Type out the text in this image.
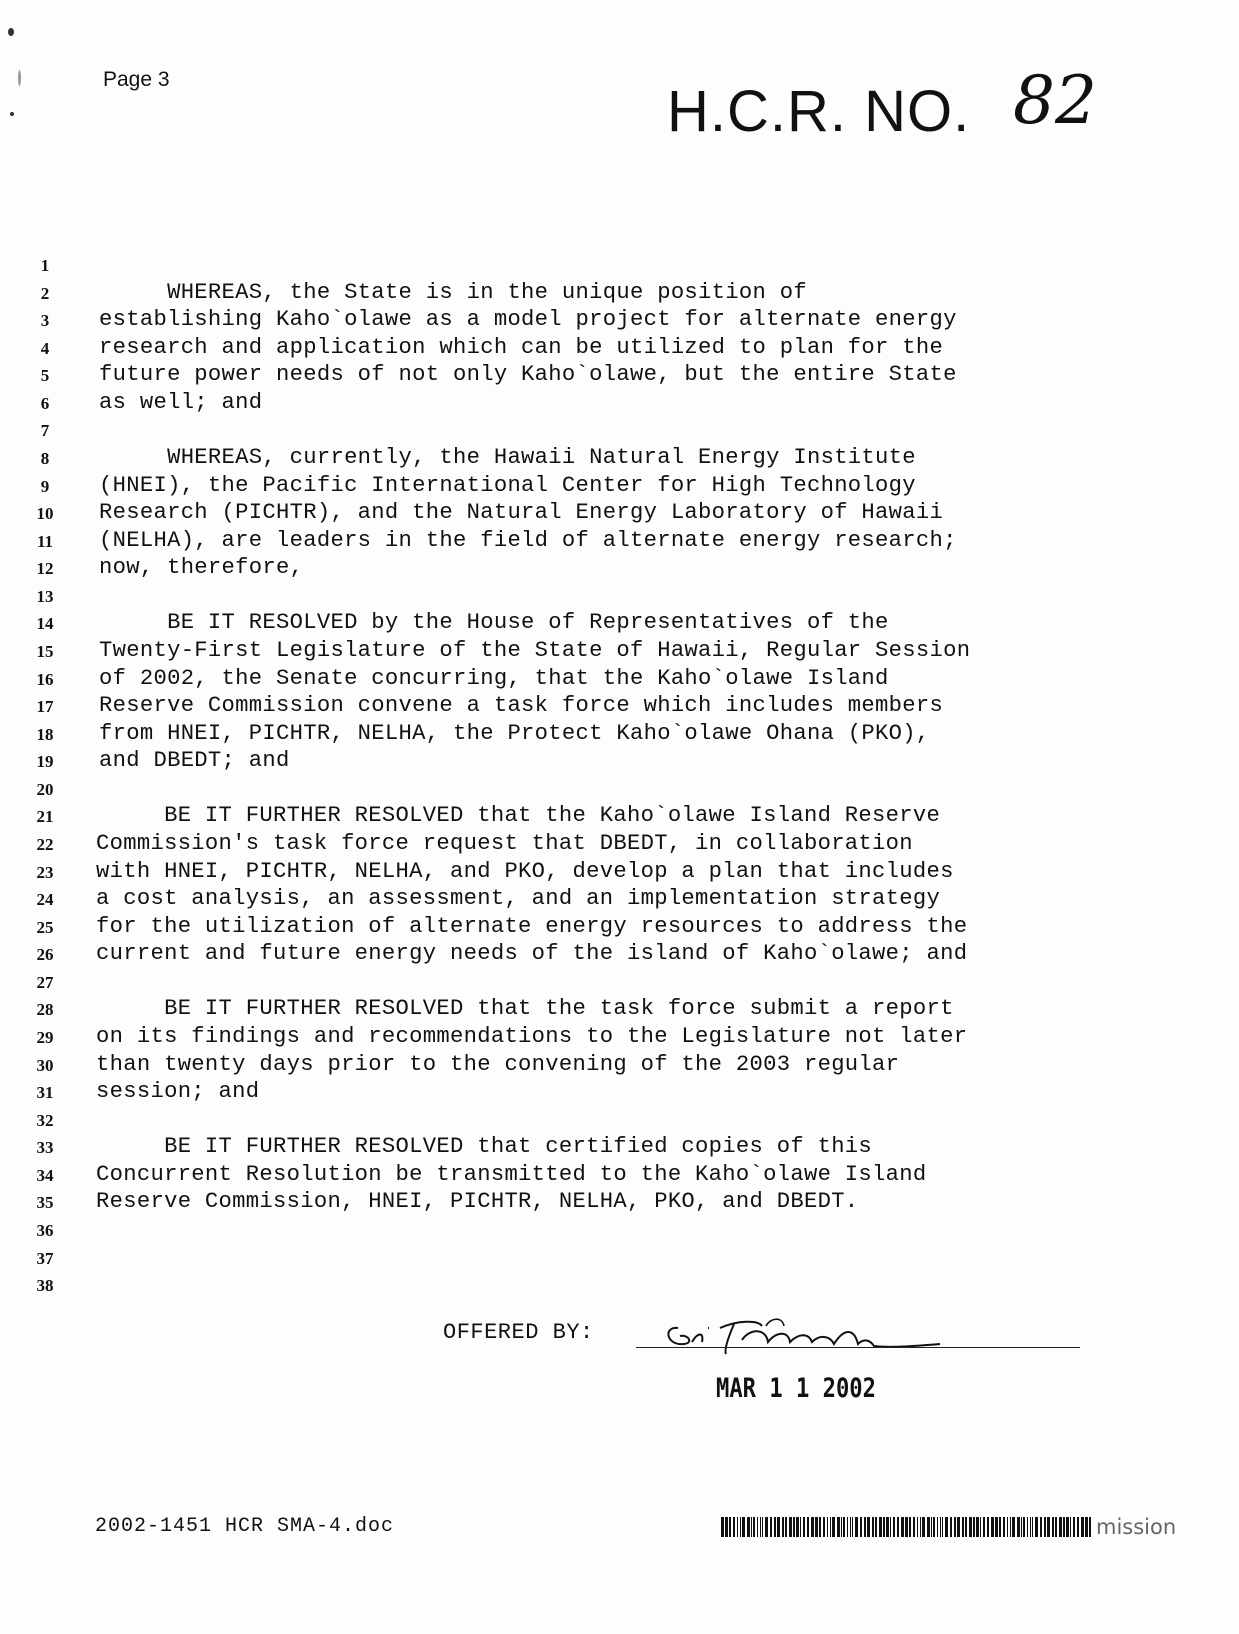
Page 3	H.C.R. NO. 82
1
2	WHEREAS, the State is in the unique position of
3	establishing Kaho`olawe as a model project for alternate energy
4	research and application which can be utilized to plan for the
5	future power needs of not only Kaho`olawe, but the entire State
6	as well; and
7
8	WHEREAS, currently, the Hawaii Natural Energy Institute
9	(HNEI), the Pacific International Center for High Technology
10	Research (PICHTR), and the Natural Energy Laboratory of Hawaii
11	(NELHA), are leaders in the field of alternate energy research;
12	now, therefore,
13
14	BE IT RESOLVED by the House of Representatives of the
15	Twenty-First Legislature of the State of Hawaii, Regular Session
16	of 2002, the Senate concurring, that the Kaho`olawe Island
17	Reserve Commission convene a task force which includes members
18	from HNEI, PICHTR, NELHA, the Protect Kaho`olawe Ohana (PKO),
19	and DBEDT; and
20
21	BE IT FURTHER RESOLVED that the Kaho`olawe Island Reserve
22	Commission's task force request that DBEDT, in collaboration
23	with HNEI, PICHTR, NELHA, and PKO, develop a plan that includes
24	a cost analysis, an assessment, and an implementation strategy
25	for the utilization of alternate energy resources to address the
26	current and future energy needs of the island of Kaho`olawe; and
27
28	BE IT FURTHER RESOLVED that the task force submit a report
29	on its findings and recommendations to the Legislature not later
30	than twenty days prior to the convening of the 2003 regular
31	session; and
32
33	BE IT FURTHER RESOLVED that certified copies of this
34	Concurrent Resolution be transmitted to the Kaho`olawe Island
35	Reserve Commission, HNEI, PICHTR, NELHA, PKO, and DBEDT.
36
37
38
OFFERED BY:
MAR 1 1 2002
2002-1451 HCR SMA-4.doc	mission
